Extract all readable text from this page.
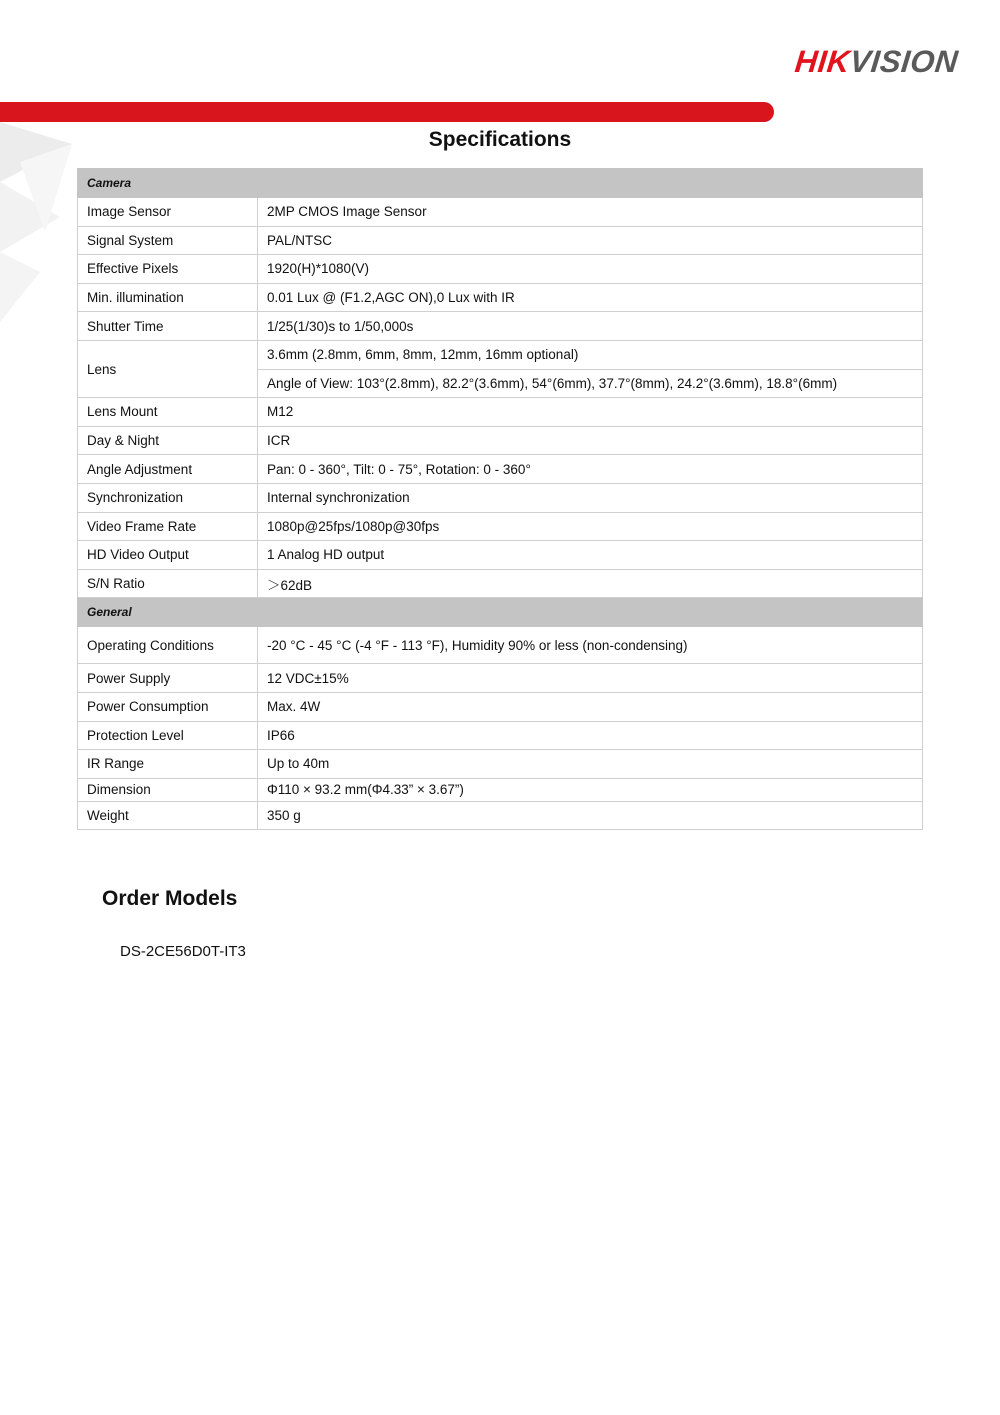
HIKVISION
Specifications
Camera	
Image Sensor	2MP CMOS Image Sensor
Signal System	PAL/NTSC
Effective Pixels	1920(H)*1080(V)
Min. illumination	0.01 Lux @ (F1.2,AGC ON),0 Lux with IR
Shutter Time	1/25(1/30)s to 1/50,000s
Lens	3.6mm (2.8mm, 6mm, 8mm, 12mm, 16mm optional)
	Angle of View: 103°(2.8mm), 82.2°(3.6mm), 54°(6mm), 37.7°(8mm), 24.2°(3.6mm), 18.8°(6mm)
Lens Mount	M12
Day & Night	ICR
Angle Adjustment	Pan: 0 - 360°, Tilt: 0 - 75°, Rotation: 0 - 360°
Synchronization	Internal synchronization
Video Frame Rate	1080p@25fps/1080p@30fps
HD Video Output	1 Analog HD output
S/N Ratio	＞62dB
General	
Operating Conditions	-20 °C - 45 °C (-4 °F - 113 °F), Humidity 90% or less (non-condensing)
Power Supply	12 VDC±15%
Power Consumption	Max. 4W
Protection Level	IP66
IR Range	Up to 40m
Dimension	Φ110 × 93.2 mm(Φ4.33” × 3.67”)
Weight	350 g
Order Models
DS-2CE56D0T-IT3
